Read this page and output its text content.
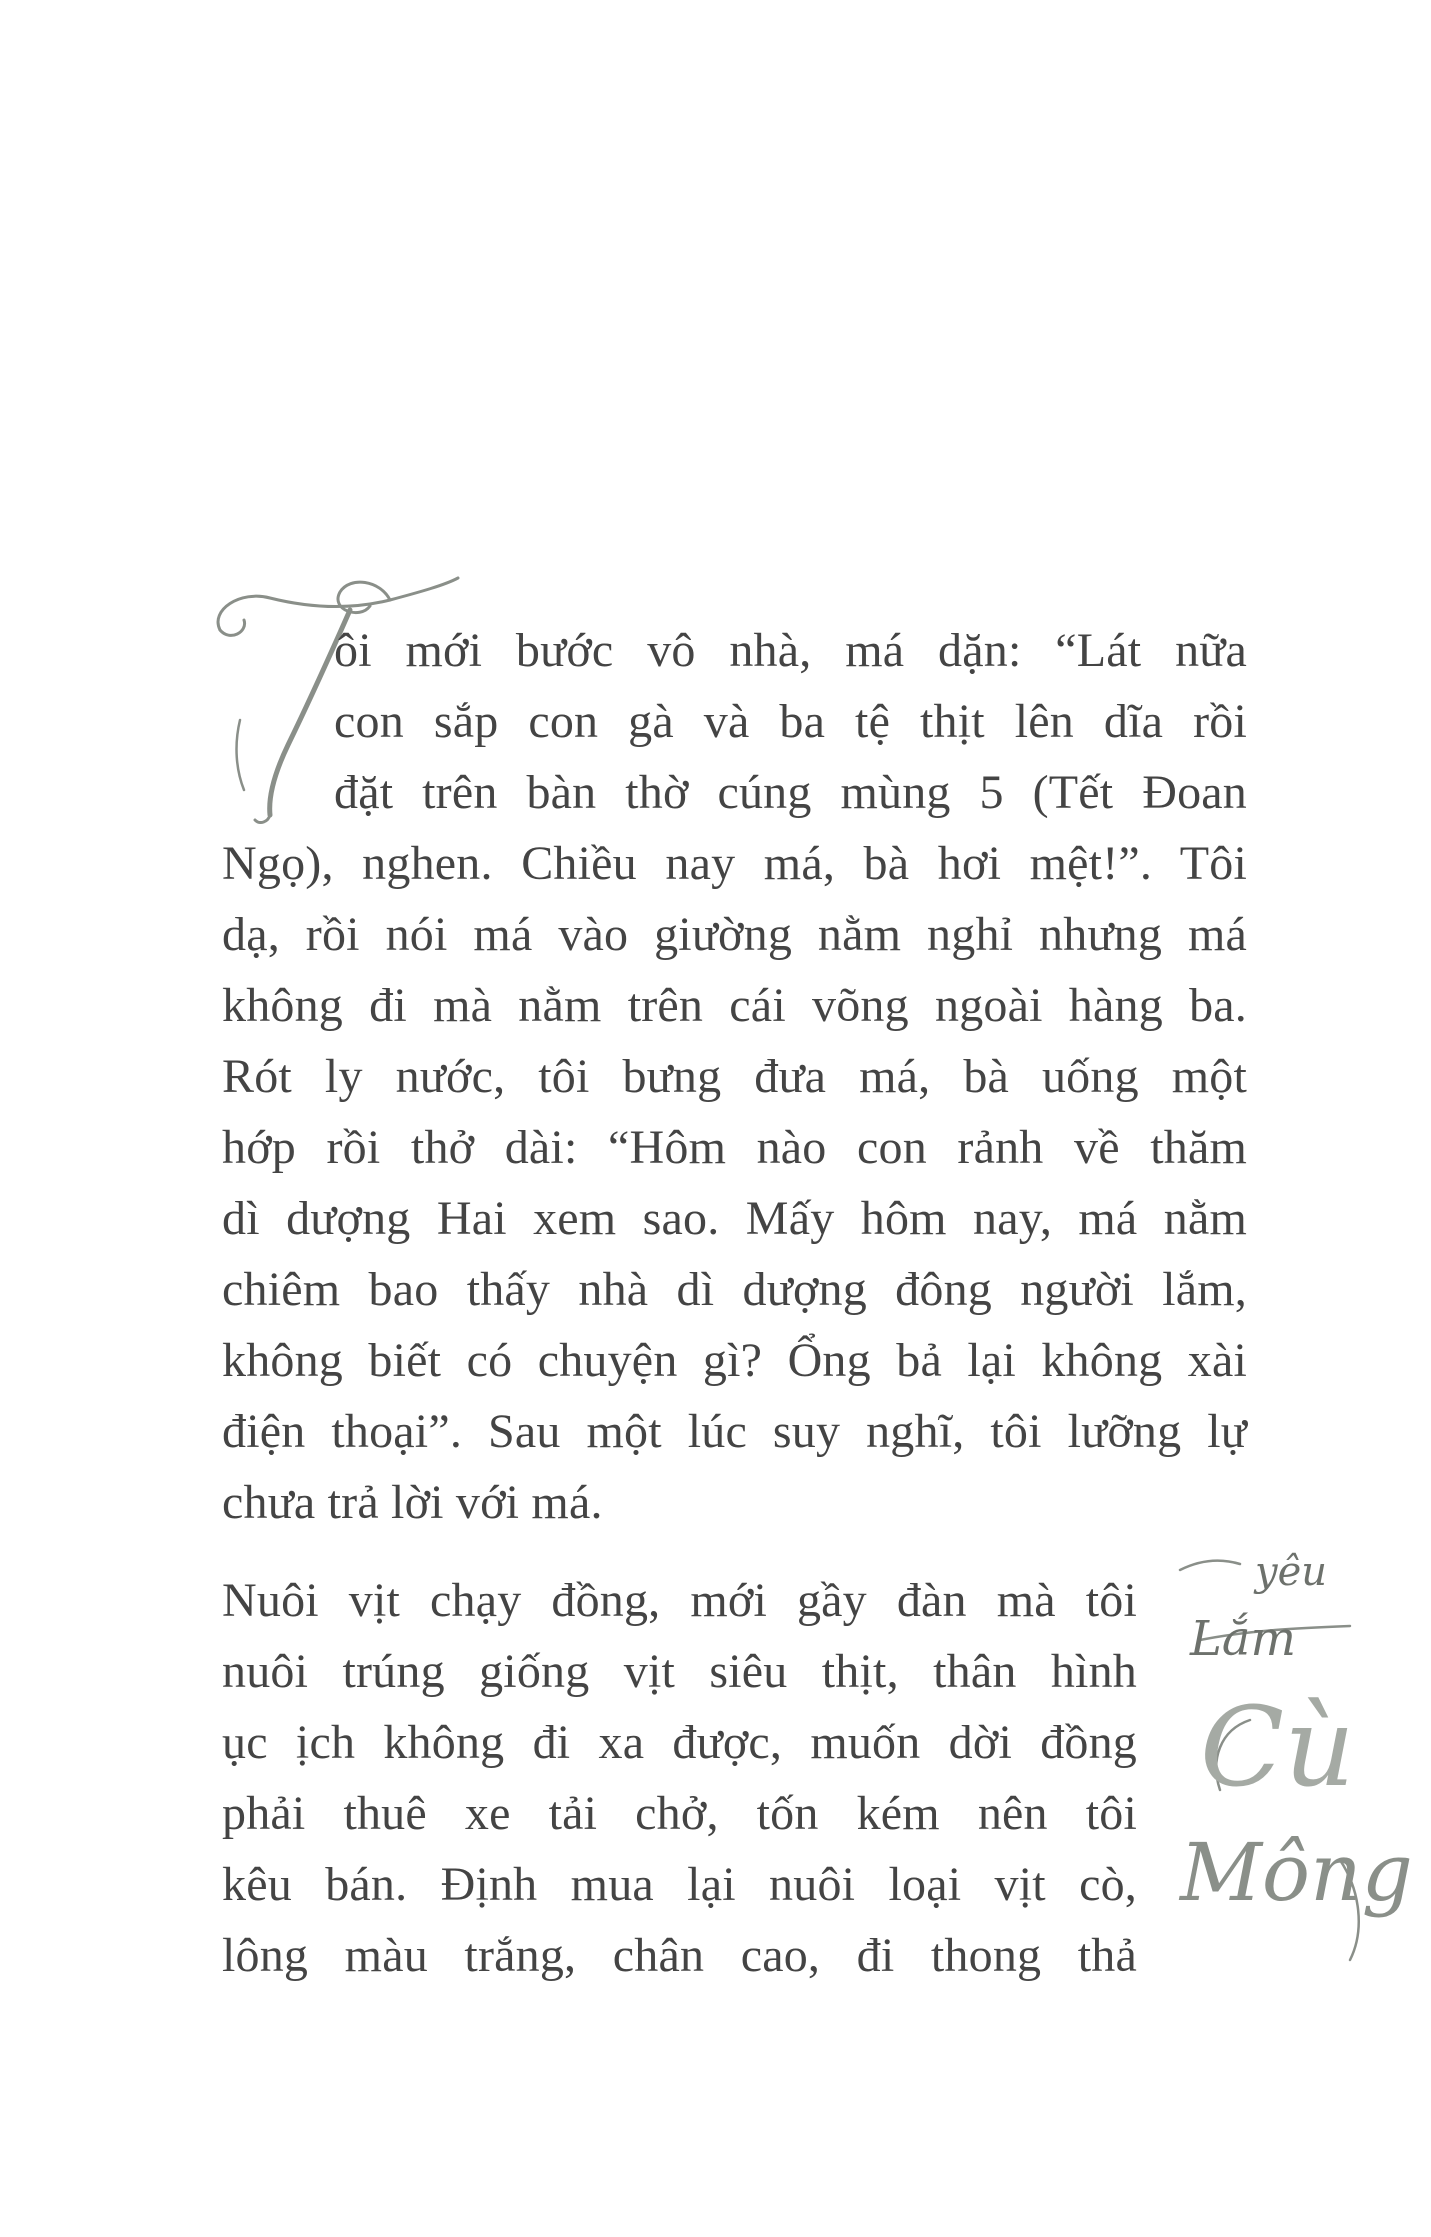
ôi mới bước vô nhà, má dặn: “Lát nữa
con sắp con gà và ba tệ thịt lên dĩa rồi
đặt trên bàn thờ cúng mùng 5 (Tết Đoan
Ngọ), nghen. Chiều nay má, bà hơi mệt!”. Tôi
dạ, rồi nói má vào giường nằm nghỉ nhưng má
không đi mà nằm trên cái võng ngoài hàng ba.
Rót ly nước, tôi bưng đưa má, bà uống một
hớp rồi thở dài: “Hôm nào con rảnh về thăm
dì dượng Hai xem sao. Mấy hôm nay, má nằm
chiêm bao thấy nhà dì dượng đông người lắm,
không biết có chuyện gì? Ổng bả lại không xài
điện thoại”. Sau một lúc suy nghĩ, tôi lưỡng lự
chưa trả lời với má.
Nuôi vịt chạy đồng, mới gầy đàn mà tôi
nuôi trúng giống vịt siêu thịt, thân hình
ục ịch không đi xa được, muốn dời đồng
phải thuê xe tải chở, tốn kém nên tôi
kêu bán. Định mua lại nuôi loại vịt cò,
lông màu trắng, chân cao, đi thong thả
yêu
Lắm
Cù
Mông
